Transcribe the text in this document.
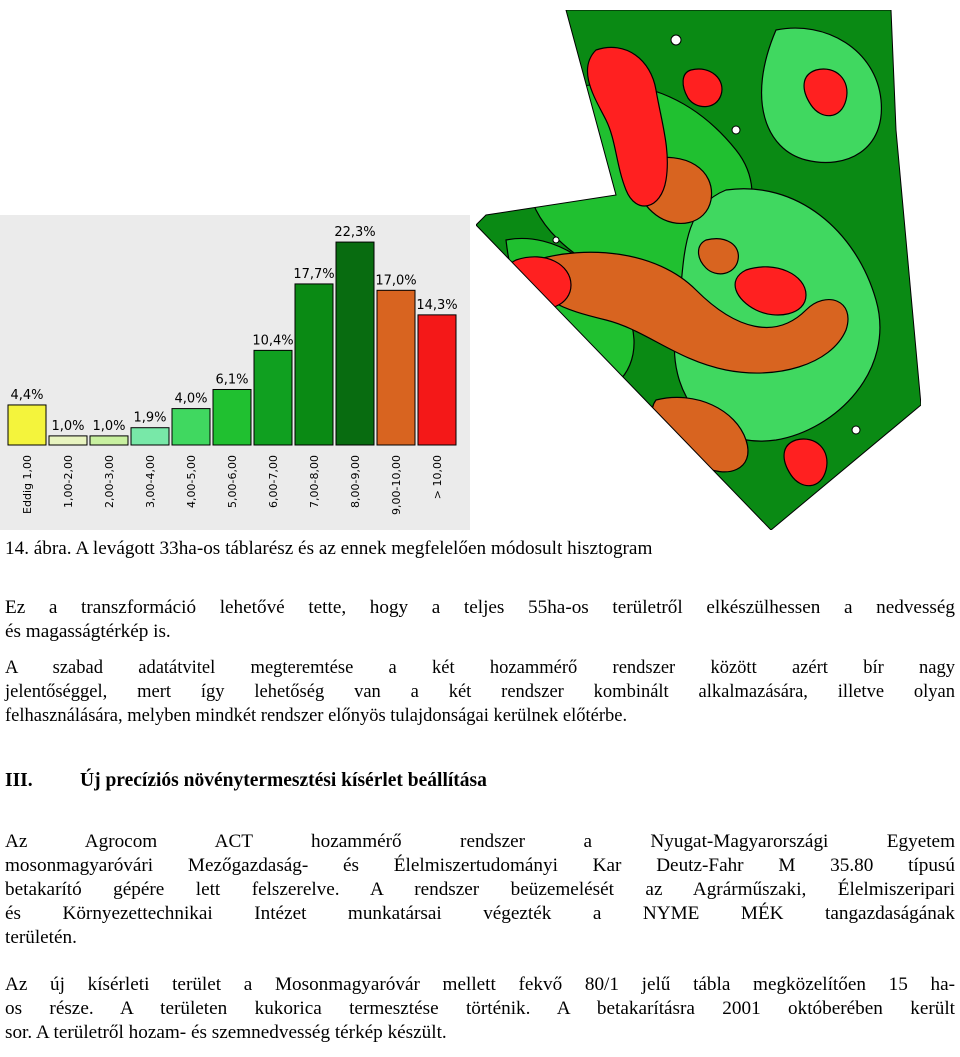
4,4%
1,0% 1,0%
1,9%
4,0%
6,1%
10,4%
17,7%
22,3%
17,0%
14,3%
Eddig 1,00	1,00-2,00	2,00-3,00	3,00-4,00	4,00-5,00	5,00-6,00	6,00-7,00	7,00-8,00	8,00-9,00	9,00-10,00	> 10,00
14. ábra. A levágott 33ha-os táblarész és az ennek megfelelően módosult hisztogram

Ez a transzformáció lehetővé tette, hogy a teljes 55ha-os területről elkészülhessen a nedvesség

és magasságtérkép is.

A szabad adatátvitel megteremtése a két hozammérő rendszer között azért bír nagy

jelentőséggel, mert így lehetőség van a két rendszer kombinált alkalmazására, illetve olyan

felhasználására, melyben mindkét rendszer előnyös tulajdonságai kerülnek előtérbe.

III. Új precíziós növénytermesztési kísérlet beállítása

Az Agrocom ACT hozammérő rendszer a Nyugat-Magyarországi Egyetem

mosonmagyaróvári Mezőgazdaság- és Élelmiszertudományi Kar Deutz-Fahr M 35.80 típusú

betakarító gépére lett felszerelve. A rendszer beüzemelését az Agrárműszaki, Élelmiszeripari

és Környezettechnikai Intézet munkatársai végezték a NYME MÉK tangazdaságának

területén.

Az új kísérleti terület a Mosonmagyaróvár mellett fekvő 80/1 jelű tábla megközelítően 15 ha-

os része. A területen kukorica termesztése történik. A betakarításra 2001 októberében került

sor. A területről hozam- és szemnedvesség térkép készült.
